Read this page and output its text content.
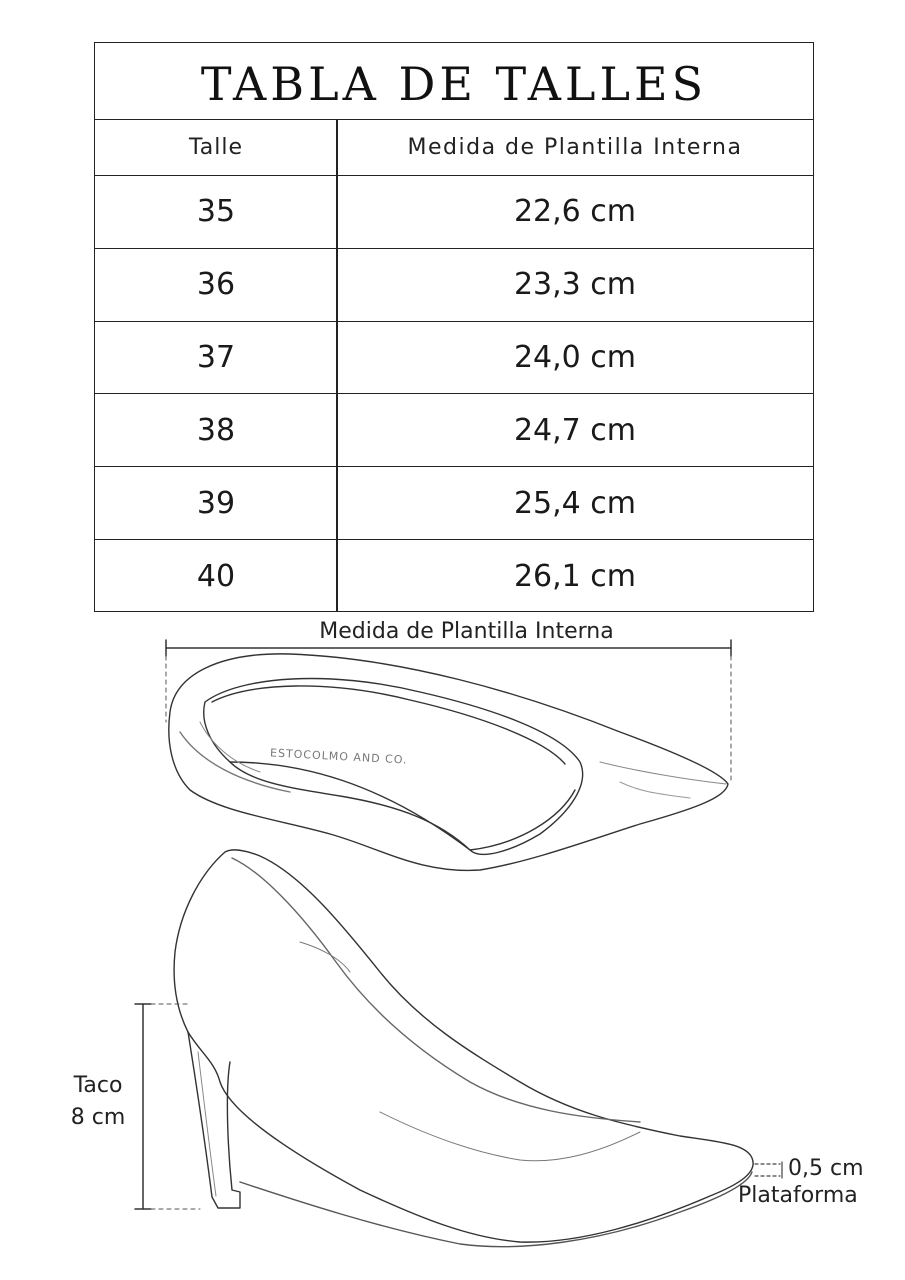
TABLA DE TALLES
Talle	Medida de Plantilla Interna
35	22,6 cm
36	23,3 cm
37	24,0 cm
38	24,7 cm
39	25,4 cm
40	26,1 cm
Medida de Plantilla Interna
ESTOCOLMO AND CO.
Taco
8 cm
0,5 cm
Plataforma
